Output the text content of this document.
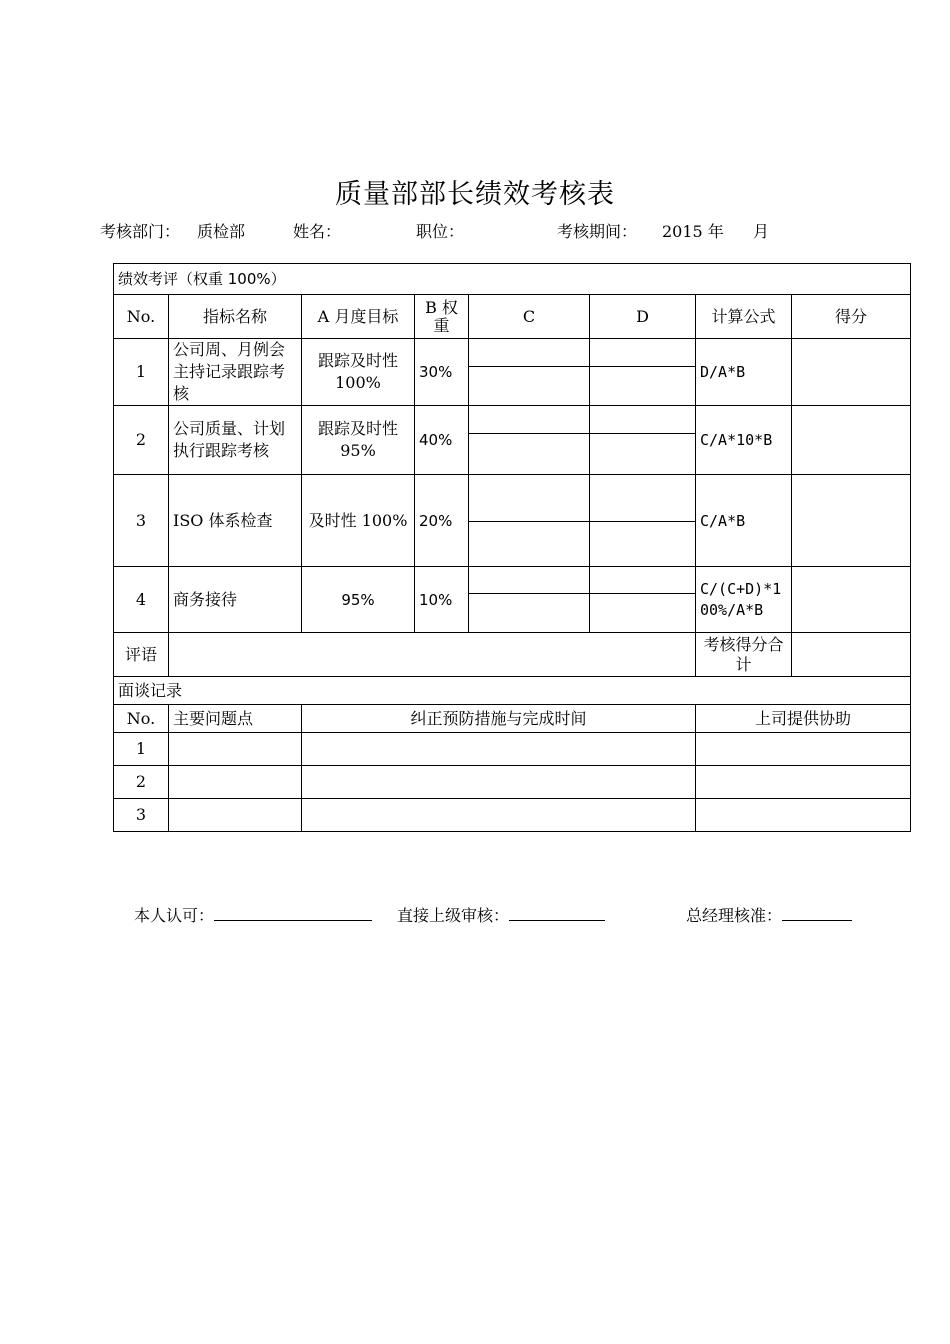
质量部部长绩效考核表
考核部门： 质检部	姓名：	职位：	考核期间： 2015 年 月
绩效考评（权重 100%）							
No.	指标名称	A 月度目标	B 权重	C	D	计算公式	得分
1	公司周、月例会主持记录跟踪考核	跟踪及时性 100%	30%			D/A*B	

2	公司质量、计划执行跟踪考核	跟踪及时性 95%	40%			C/A*10*B	

3	ISO 体系检查	及时性 100%	20%			C/A*B	

4	商务接待	95%	10%			C/(C+D)*100%/A*B	

评语						考核得分合计	
面谈记录							
No.	主要问题点	纠正预防措施与完成时间				上司提供协助	
1							
2							
3							
本人认可：	直接上级审核：	总经理核准：
